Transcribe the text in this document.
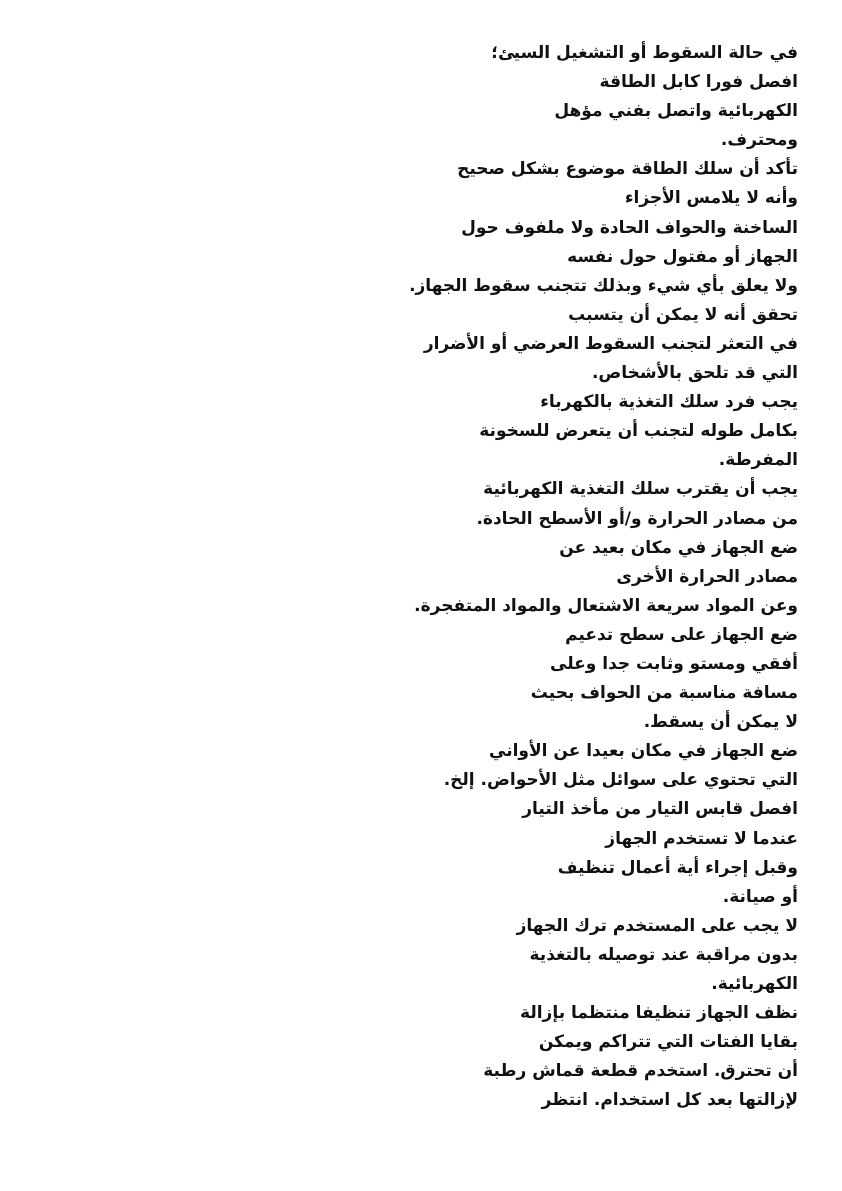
في حالة السقوط أو التشغيل السيئ؛
افصل فورا كابل الطاقة
الكهربائية واتصل بفني مؤهل
ومحترف.
تأكد أن سلك الطاقة موضوع بشكل صحيح
وأنه لا يلامس الأجزاء
الساخنة والحواف الحادة ولا ملفوف حول
الجهاز أو مفتول حول نفسه
ولا يعلق بأي شيء وبذلك تتجنب سقوط الجهاز.
تحقق أنه لا يمكن أن يتسبب
في التعثر لتجنب السقوط العرضي أو الأضرار
التي قد تلحق بالأشخاص.
يجب فرد سلك التغذية بالكهرباء
بكامل طوله لتجنب أن يتعرض للسخونة
المفرطة.
يجب أن يقترب سلك التغذية الكهربائية
من مصادر الحرارة و/أو الأسطح الحادة.
ضع الجهاز في مكان بعيد عن
مصادر الحرارة الأخرى
وعن المواد سريعة الاشتعال والمواد المتفجرة.
ضع الجهاز على سطح تدعيم
أفقي ومستو وثابت جدا وعلى
مسافة مناسبة من الحواف بحيث
لا يمكن أن يسقط.
ضع الجهاز في مكان بعيدا عن الأواني
التي تحتوي على سوائل مثل الأحواض. إلخ.
افصل قابس التيار من مأخذ التيار
عندما لا تستخدم الجهاز
وقبل إجراء أية أعمال تنظيف
أو صيانة.
لا يجب على المستخدم ترك الجهاز
بدون مراقبة عند توصيله بالتغذية
الكهربائية.
نظف الجهاز تنظيفا منتظما بإزالة
بقايا الفتات التي تتراكم ويمكن
أن تحترق. استخدم قطعة قماش رطبة
لإزالتها بعد كل استخدام. انتظر
